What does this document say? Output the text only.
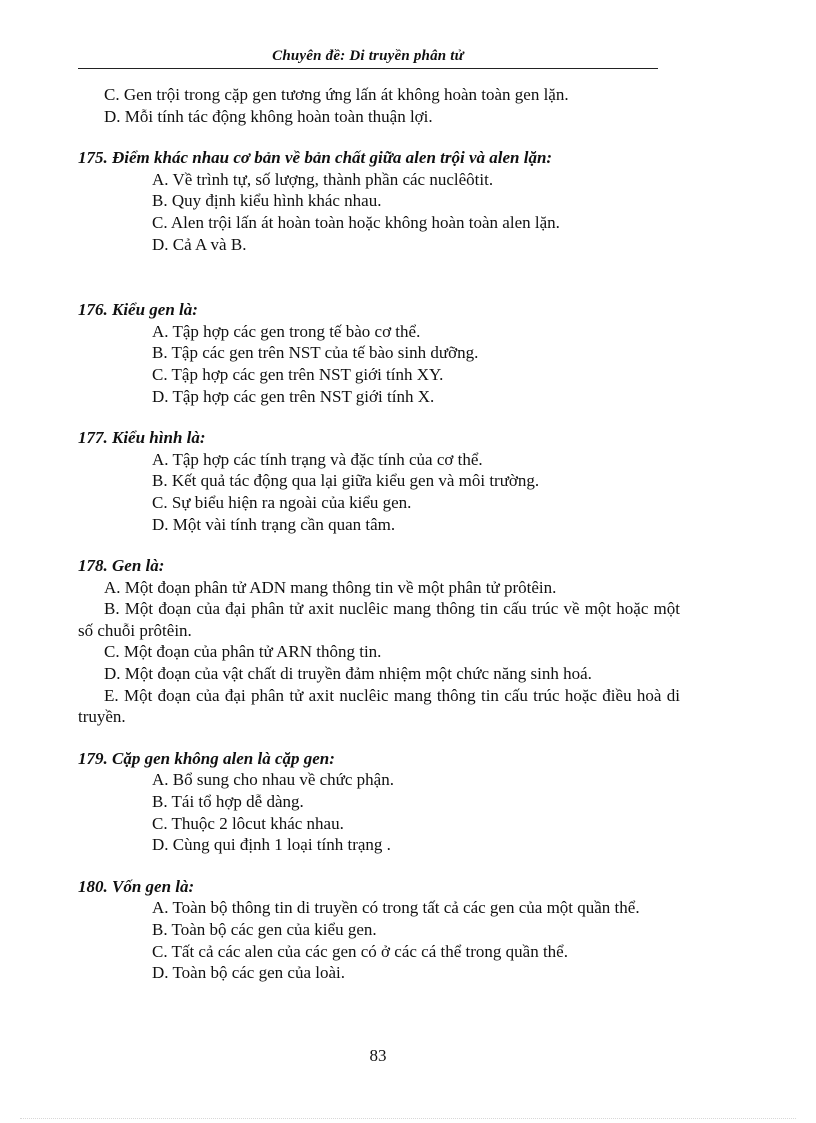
Chuyên đề: Di truyền phân tử

C. Gen trội trong cặp gen tương ứng lấn át không hoàn toàn gen lặn.

D. Mỗi tính tác động không hoàn toàn thuận lợi.

175. Điểm khác nhau cơ bản về bản chất giữa alen trội và alen lặn:

A. Về trình tự, số lượng, thành phần các nuclêôtit.

B. Quy định kiểu hình khác nhau.

C. Alen trội lấn át hoàn toàn hoặc không hoàn toàn alen lặn.

D. Cả A và B.

176. Kiểu gen là:

A. Tập hợp các gen trong tế bào cơ thể.

B. Tập các gen trên NST của tế bào sinh dưỡng.

C. Tập hợp các gen trên NST giới tính XY.

D. Tập hợp các gen trên NST giới tính X.

177. Kiểu hình là:

A. Tập hợp các tính trạng và đặc tính của cơ thể.

B. Kết quả tác động qua lại giữa kiểu gen và môi trường.

C. Sự biểu hiện ra ngoài của kiểu gen.

D. Một vài tính trạng cần quan tâm.

178. Gen là:

A. Một đoạn phân tử ADN mang thông tin về một phân tử prôtêin.

B. Một đoạn của đại phân tử axit nuclêic mang thông tin cấu trúc về một hoặc một số chuỗi prôtêin.

C. Một đoạn của phân tử ARN thông tin.

D. Một đoạn của vật chất di truyền đảm nhiệm một chức năng sinh hoá.

E. Một đoạn của đại phân tử axit nuclêic mang thông tin cấu trúc hoặc điều hoà di truyền.

179. Cặp gen không alen là cặp gen:

A. Bổ sung cho nhau về chức phận.

B. Tái tổ hợp dễ dàng.

C. Thuộc 2 lôcut khác nhau.

D. Cùng qui định 1 loại tính trạng .

180. Vốn gen là:

A. Toàn bộ thông tin di truyền có trong tất cả các gen của một quần thể.

B. Toàn bộ các gen của kiểu gen.

C. Tất cả các alen của các gen có ở các cá thể trong quần thể.

D. Toàn bộ các gen của loài.

83
